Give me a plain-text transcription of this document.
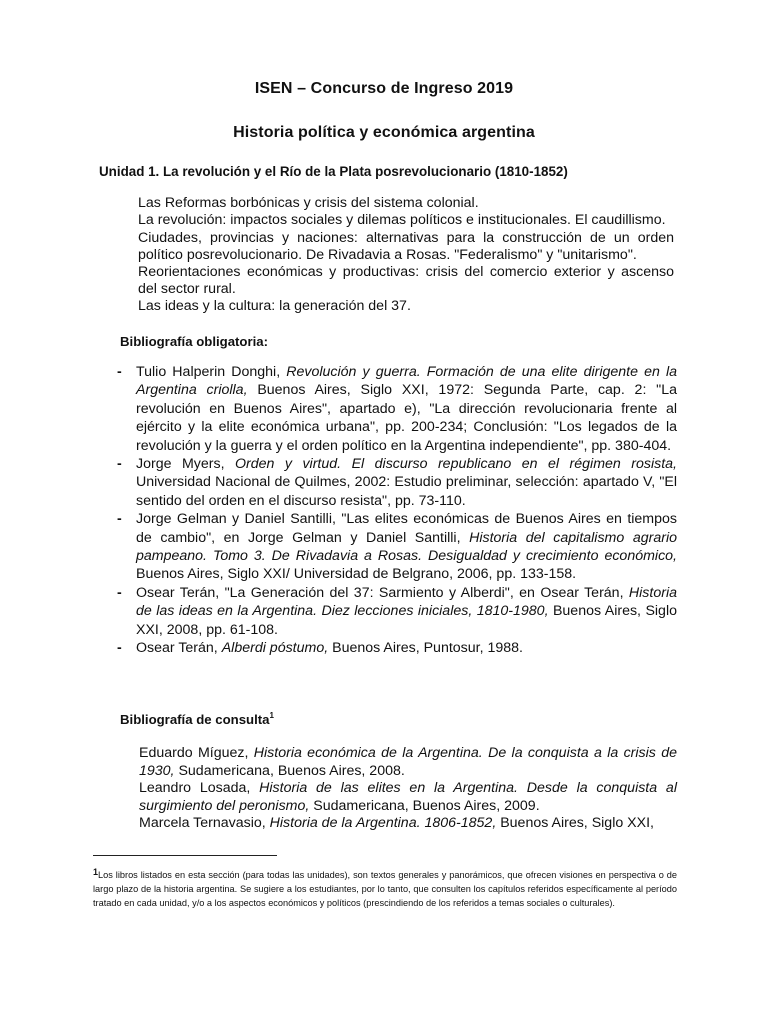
ISEN – Concurso de Ingreso 2019
Historia política y económica argentina
Unidad 1. La revolución y el Río de la Plata posrevolucionario (1810-1852)

Las Reformas borbónicas y crisis del sistema colonial.

La revolución: impactos sociales y dilemas políticos e institucionales. El caudillismo.

Ciudades, provincias y naciones: alternativas para la construcción de un orden político posrevolucionario. De Rivadavia a Rosas. "Federalismo" y "unitarismo".

Reorientaciones económicas y productivas: crisis del comercio exterior y ascenso del sector rural.

Las ideas y la cultura: la generación del 37.

Bibliografía obligatoria:

- Tulio Halperin Donghi, Revolución y guerra. Formación de una elite dirigente en la Argentina criolla, Buenos Aires, Siglo XXI, 1972: Segunda Parte, cap. 2: "La revolución en Buenos Aires", apartado e), "La dirección revolucionaria frente al ejército y la elite económica urbana", pp. 200-234; Conclusión: "Los legados de la revolución y la guerra y el orden político en la Argentina independiente", pp. 380-404.

- Jorge Myers, Orden y virtud. El discurso republicano en el régimen rosista, Universidad Nacional de Quilmes, 2002: Estudio preliminar, selección: apartado V, "El sentido del orden en el discurso resista", pp. 73-110.

- Jorge Gelman y Daniel Santilli, "Las elites económicas de Buenos Aires en tiempos de cambio", en Jorge Gelman y Daniel Santilli, Historia del capitalismo agrario pampeano. Tomo 3. De Rivadavia a Rosas. Desigualdad y crecimiento económico, Buenos Aires, Siglo XXI/ Universidad de Belgrano, 2006, pp. 133-158.

- Osear Terán, "La Generación del 37: Sarmiento y Alberdi", en Osear Terán, Historia de las ideas en la Argentina. Diez lecciones iniciales, 1810-1980, Buenos Aires, Siglo XXI, 2008, pp. 61-108.

- Osear Terán, Alberdi póstumo, Buenos Aires, Puntosur, 1988.

Bibliografía de consulta$^1$

Eduardo Míguez, Historia económica de la Argentina. De la conquista a la crisis de 1930, Sudamericana, Buenos Aires, 2008.

Leandro Losada, Historia de las elites en la Argentina. Desde la conquista al surgimiento del peronismo, Sudamericana, Buenos Aires, 2009.

Marcela Ternavasio, Historia de la Argentina. 1806-1852, Buenos Aires, Siglo XXI,

$^1$Los libros listados en esta sección (para todas las unidades), son textos generales y panorámicos, que ofrecen visiones en perspectiva o de largo plazo de la historia argentina. Se sugiere a los estudiantes, por lo tanto, que consulten los capítulos referidos específicamente al período tratado en cada unidad, y/o a los aspectos económicos y políticos (prescindiendo de los referidos a temas sociales o culturales).
